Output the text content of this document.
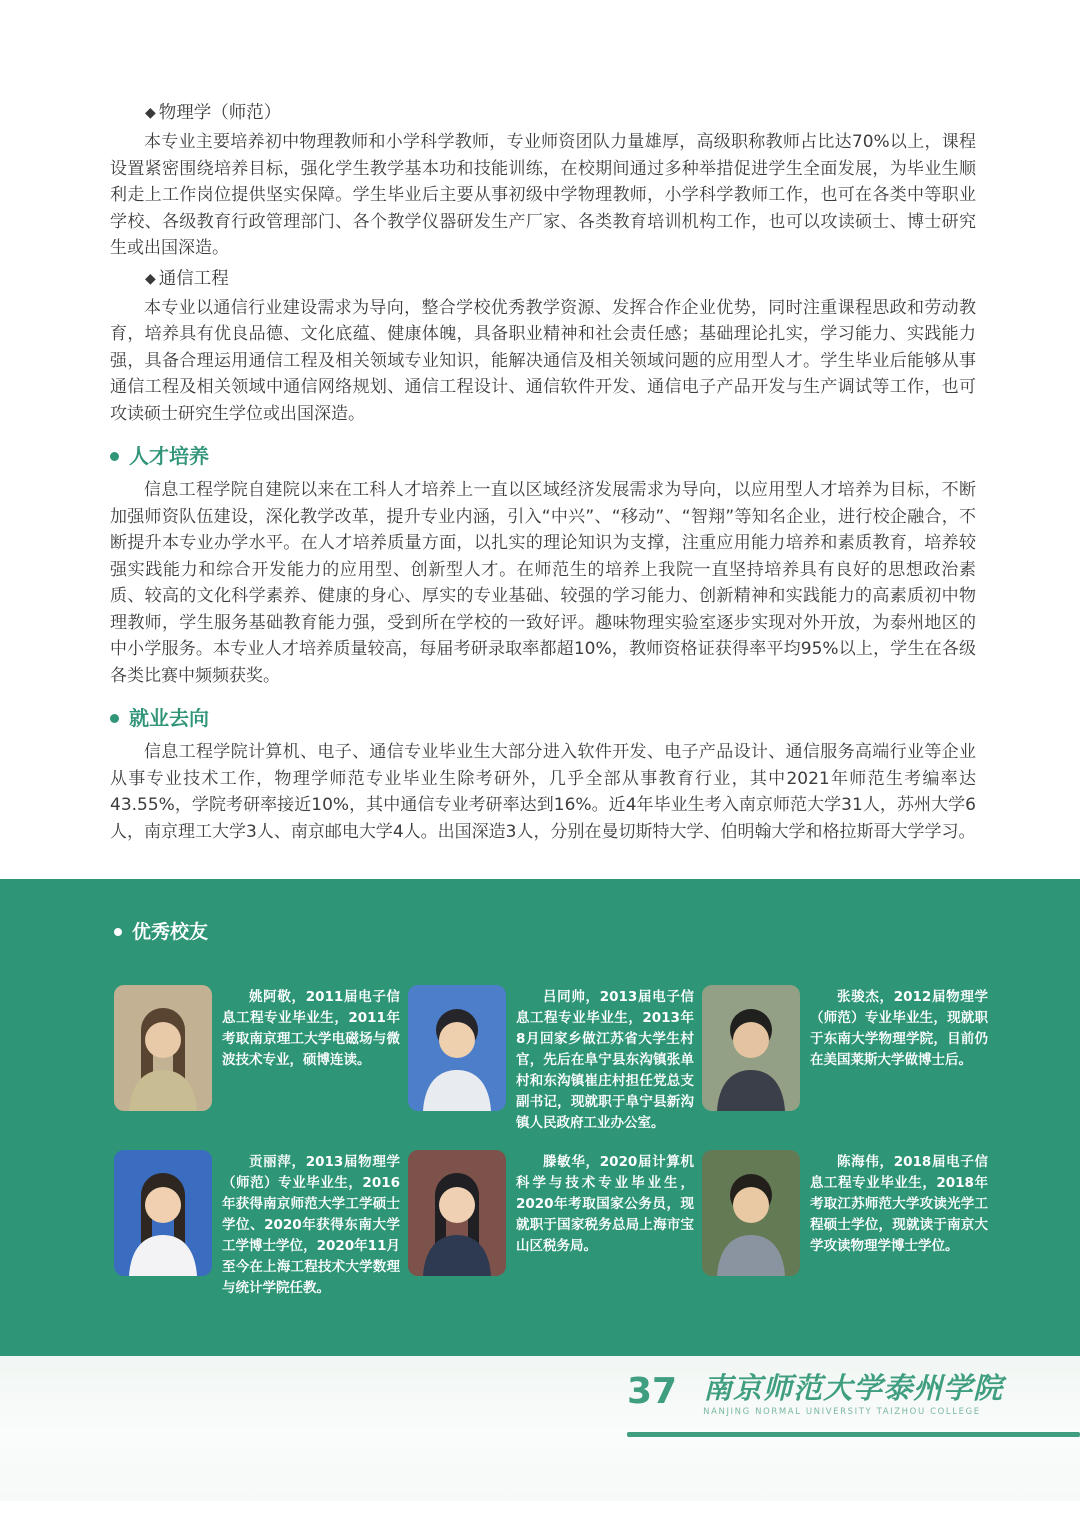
◆ 物理学（师范）

本专业主要培养初中物理教师和小学科学教师，专业师资团队力量雄厚，高级职称教师占比达70%以上，课程设置紧密围绕培养目标，强化学生教学基本功和技能训练，在校期间通过多种举措促进学生全面发展，为毕业生顺利走上工作岗位提供坚实保障。学生毕业后主要从事初级中学物理教师，小学科学教师工作，也可在各类中等职业学校、各级教育行政管理部门、各个教学仪器研发生产厂家、各类教育培训机构工作，也可以攻读硕士、博士研究生或出国深造。

◆ 通信工程

本专业以通信行业建设需求为导向，整合学校优秀教学资源、发挥合作企业优势，同时注重课程思政和劳动教育，培养具有优良品德、文化底蕴、健康体魄，具备职业精神和社会责任感；基础理论扎实，学习能力、实践能力强，具备合理运用通信工程及相关领域专业知识，能解决通信及相关领域问题的应用型人才。学生毕业后能够从事通信工程及相关领域中通信网络规划、通信工程设计、通信软件开发、通信电子产品开发与生产调试等工作，也可攻读硕士研究生学位或出国深造。

人才培养

信息工程学院自建院以来在工科人才培养上一直以区域经济发展需求为导向，以应用型人才培养为目标，不断加强师资队伍建设，深化教学改革，提升专业内涵，引入“中兴”、“移动”、“智翔”等知名企业，进行校企融合，不断提升本专业办学水平。在人才培养质量方面，以扎实的理论知识为支撑，注重应用能力培养和素质教育，培养较强实践能力和综合开发能力的应用型、创新型人才。在师范生的培养上我院一直坚持培养具有良好的思想政治素质、较高的文化科学素养、健康的身心、厚实的专业基础、较强的学习能力、创新精神和实践能力的高素质初中物理教师，学生服务基础教育能力强，受到所在学校的一致好评。趣味物理实验室逐步实现对外开放，为泰州地区的中小学服务。本专业人才培养质量较高，每届考研录取率都超10%，教师资格证获得率平均95%以上，学生在各级各类比赛中频频获奖。

就业去向

信息工程学院计算机、电子、通信专业毕业生大部分进入软件开发、电子产品设计、通信服务高端行业等企业从事专业技术工作，物理学师范专业毕业生除考研外，几乎全部从事教育行业，其中2021年师范生考编率达43.55%，学院考研率接近10%，其中通信专业考研率达到16%。近4年毕业生考入南京师范大学31人，苏州大学6人，南京理工大学3人、南京邮电大学4人。出国深造3人，分别在曼切斯特大学、伯明翰大学和格拉斯哥大学学习。

优秀校友

姚阿敬，2011届电子信息工程专业毕业生，2011年考取南京理工大学电磁场与微波技术专业，硕博连读。

吕同帅，2013届电子信息工程专业毕业生，2013年8月回家乡做江苏省大学生村官，先后在阜宁县东沟镇张单村和东沟镇崔庄村担任党总支副书记，现就职于阜宁县新沟镇人民政府工业办公室。

张骏杰，2012届物理学（师范）专业毕业生，现就职于东南大学物理学院，目前仍在美国莱斯大学做博士后。

贡丽萍，2013届物理学（师范）专业毕业生，2016年获得南京师范大学工学硕士学位、2020年获得东南大学工学博士学位，2020年11月至今在上海工程技术大学数理与统计学院任教。

滕敏华，2020届计算机科学与技术专业毕业生，2020年考取国家公务员，现就职于国家税务总局上海市宝山区税务局。

陈海伟，2018届电子信息工程专业毕业生，2018年考取江苏师范大学攻读光学工程硕士学位，现就读于南京大学攻读物理学博士学位。

37 南京师范大学泰州学院
NANJING NORMAL UNIVERSITY TAIZHOU COLLEGE
